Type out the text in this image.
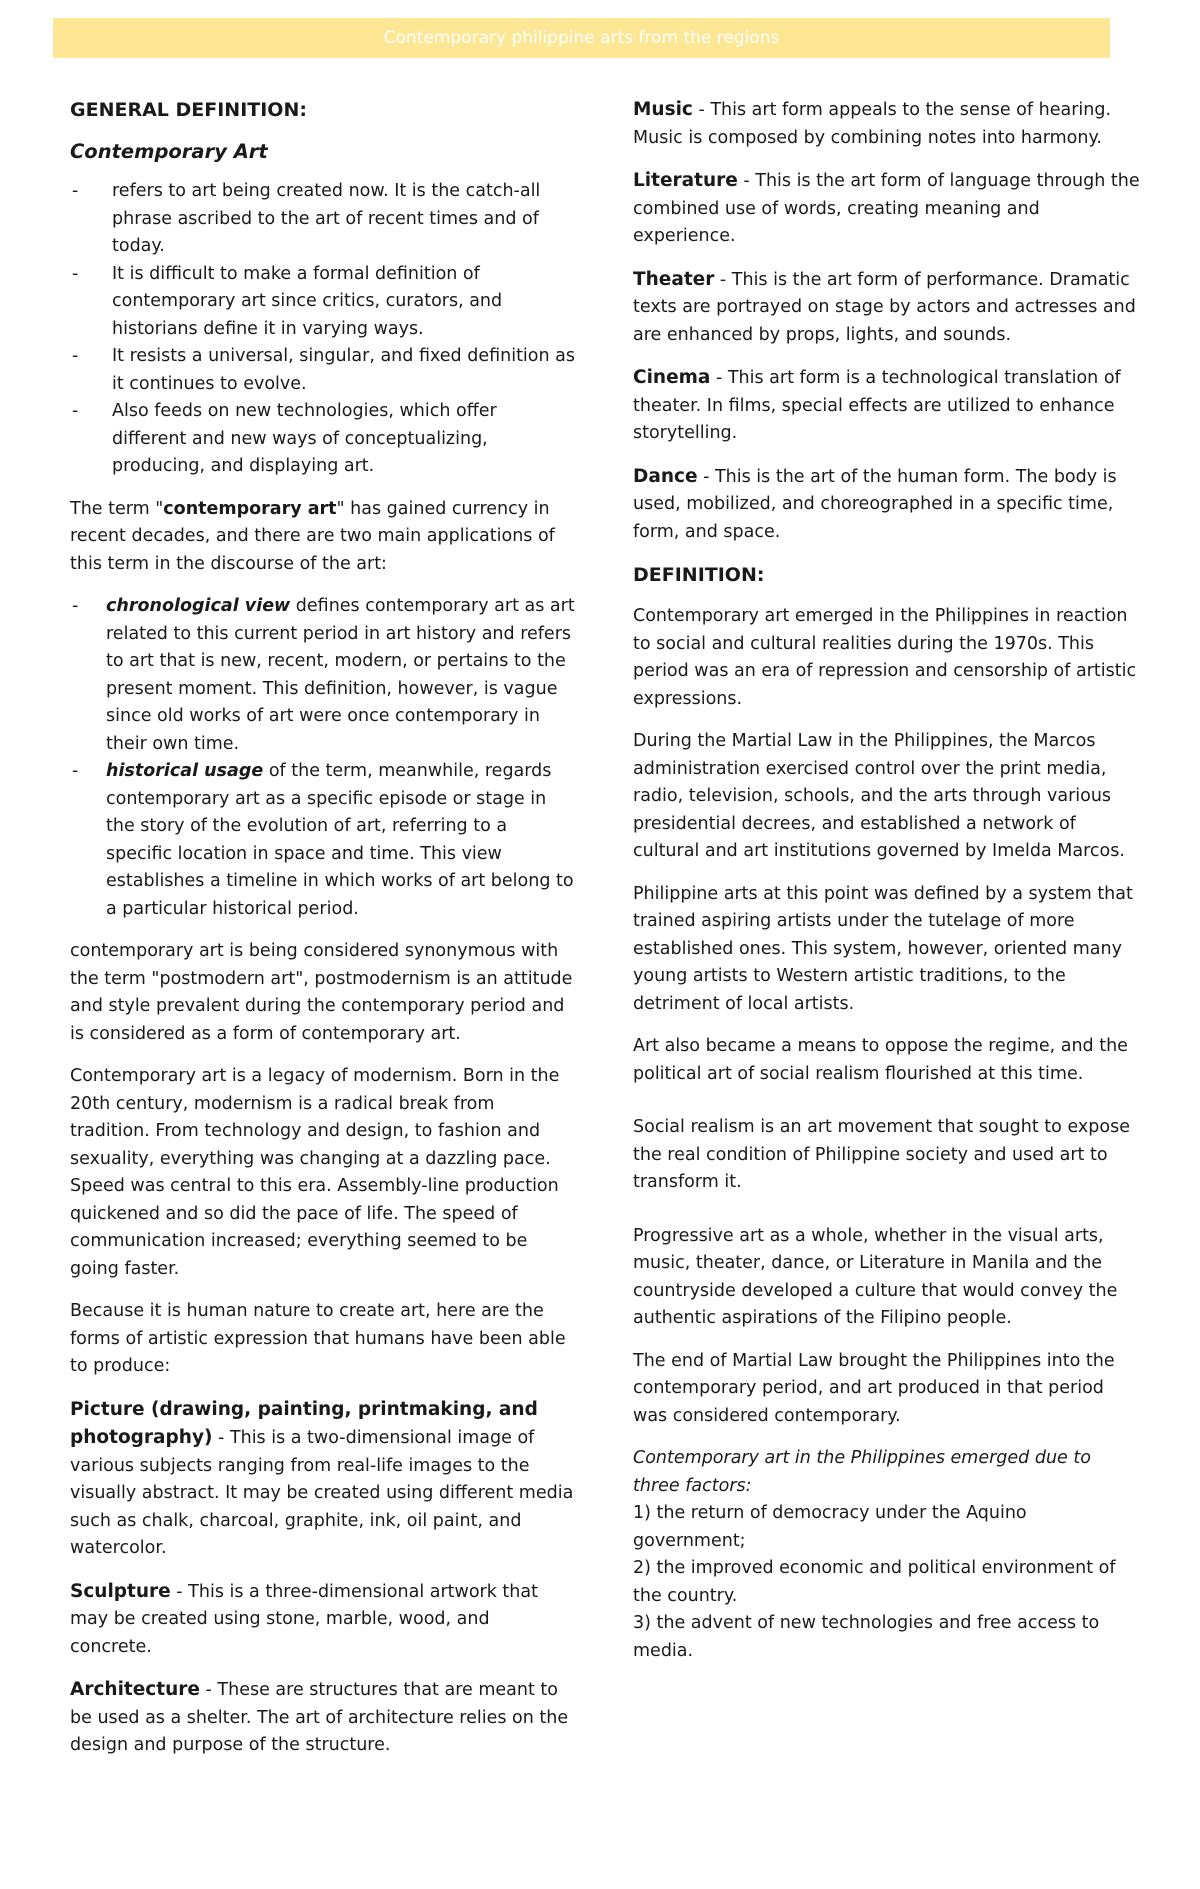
Contemporary philippine arts from the regions
GENERAL DEFINITION:
Contemporary Art
- refers to art being created now. It is the catch-all phrase ascribed to the art of recent times and of today.
- It is difficult to make a formal definition of contemporary art since critics, curators, and historians define it in varying ways.
- It resists a universal, singular, and fixed definition as it continues to evolve.
- Also feeds on new technologies, which offer different and new ways of conceptualizing, producing, and displaying art.

The term "contemporary art" has gained currency in recent decades, and there are two main applications of this term in the discourse of the art:

- chronological view defines contemporary art as art related to this current period in art history and refers to art that is new, recent, modern, or pertains to the present moment. This definition, however, is vague since old works of art were once contemporary in their own time.
- historical usage of the term, meanwhile, regards contemporary art as a specific episode or stage in the story of the evolution of art, referring to a specific location in space and time. This view establishes a timeline in which works of art belong to a particular historical period.

contemporary art is being considered synonymous with the term "postmodern art", postmodernism is an attitude and style prevalent during the contemporary period and is considered as a form of contemporary art.

Contemporary art is a legacy of modernism. Born in the 20th century, modernism is a radical break from tradition. From technology and design, to fashion and sexuality, everything was changing at a dazzling pace. Speed was central to this era. Assembly-line production quickened and so did the pace of life. The speed of communication increased; everything seemed to be going faster.

Because it is human nature to create art, here are the forms of artistic expression that humans have been able to produce:

Picture (drawing, painting, printmaking, and photography) - This is a two-dimensional image of various subjects ranging from real-life images to the visually abstract. It may be created using different media such as chalk, charcoal, graphite, ink, oil paint, and watercolor.

Sculpture - This is a three-dimensional artwork that may be created using stone, marble, wood, and concrete.

Architecture - These are structures that are meant to be used as a shelter. The art of architecture relies on the design and purpose of the structure.

Music - This art form appeals to the sense of hearing. Music is composed by combining notes into harmony.

Literature - This is the art form of language through the combined use of words, creating meaning and experience.

Theater - This is the art form of performance. Dramatic texts are portrayed on stage by actors and actresses and are enhanced by props, lights, and sounds.

Cinema - This art form is a technological translation of theater. In films, special effects are utilized to enhance storytelling.

Dance - This is the art of the human form. The body is used, mobilized, and choreographed in a specific time, form, and space.

DEFINITION:

Contemporary art emerged in the Philippines in reaction to social and cultural realities during the 1970s. This period was an era of repression and censorship of artistic expressions.

During the Martial Law in the Philippines, the Marcos administration exercised control over the print media, radio, television, schools, and the arts through various presidential decrees, and established a network of cultural and art institutions governed by Imelda Marcos.

Philippine arts at this point was defined by a system that trained aspiring artists under the tutelage of more established ones. This system, however, oriented many young artists to Western artistic traditions, to the detriment of local artists.

Art also became a means to oppose the regime, and the political art of social realism flourished at this time.

Social realism is an art movement that sought to expose the real condition of Philippine society and used art to transform it.

Progressive art as a whole, whether in the visual arts, music, theater, dance, or Literature in Manila and the countryside developed a culture that would convey the authentic aspirations of the Filipino people.

The end of Martial Law brought the Philippines into the contemporary period, and art produced in that period was considered contemporary.

Contemporary art in the Philippines emerged due to three factors:

1) the return of democracy under the Aquino government;

2) the improved economic and political environment of the country.

3) the advent of new technologies and free access to media.
